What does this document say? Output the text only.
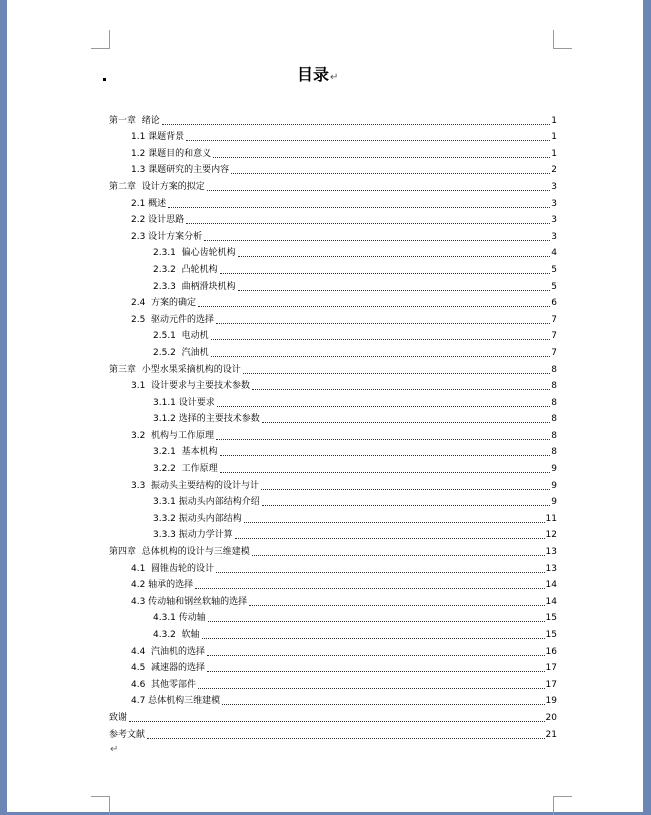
目录↵
第一章  绪论	1
1.1 课题背景	1
1.2 课题目的和意义	1
1.3 课题研究的主要内容	2
第二章  设计方案的拟定	3
2.1 概述	3
2.2 设计思路	3
2.3 设计方案分析	3
2.3.1  偏心齿轮机构	4
2.3.2  凸轮机构	5
2.3.3  曲柄滑块机构	5
2.4  方案的确定	6
2.5  驱动元件的选择	7
2.5.1  电动机	7
2.5.2  汽油机	7
第三章  小型水果采摘机构的设计	8
3.1  设计要求与主要技术参数	8
3.1.1 设计要求	8
3.1.2 选择的主要技术参数	8
3.2  机构与工作原理	8
3.2.1  基本机构	8
3.2.2  工作原理	9
3.3  振动头主要结构的设计与计	9
3.3.1 振动头内部结构介绍	9
3.3.2 振动头内部结构	11
3.3.3 振动力学计算	12
第四章  总体机构的设计与三维建模	13
4.1  圆锥齿轮的设计	13
4.2 轴承的选择	14
4.3 传动轴和钢丝软轴的选择	14
4.3.1 传动轴	15
4.3.2  软轴	15
4.4  汽油机的选择	16
4.5  减速器的选择	17
4.6  其他零部件	17
4.7 总体机构三维建模	19
致谢	20
参考文献	21
↵
